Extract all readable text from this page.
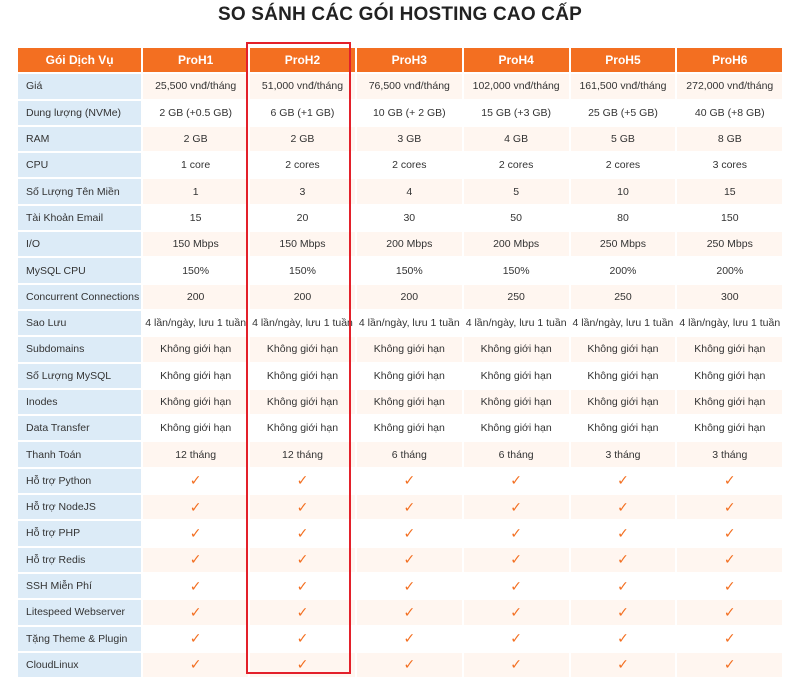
SO SÁNH CÁC GÓI HOSTING CAO CẤP
Gói Dịch Vụ	ProH1	ProH2	ProH3	ProH4	ProH5	ProH6
Giá	25,500 vnđ/tháng	51,000 vnđ/tháng	76,500 vnđ/tháng	102,000 vnđ/tháng	161,500 vnđ/tháng	272,000 vnđ/tháng
Dung lượng (NVMe)	2 GB (+0.5 GB)	6 GB (+1 GB)	10 GB (+ 2 GB)	15 GB (+3 GB)	25 GB (+5 GB)	40 GB (+8 GB)
RAM	2 GB	2 GB	3 GB	4 GB	5 GB	8 GB
CPU	1 core	2 cores	2 cores	2 cores	2 cores	3 cores
Số Lượng Tên Miền	1	3	4	5	10	15
Tài Khoản Email	15	20	30	50	80	150
I/O	150 Mbps	150 Mbps	200 Mbps	200 Mbps	250 Mbps	250 Mbps
MySQL CPU	150%	150%	150%	150%	200%	200%
Concurrent Connections	200	200	200	250	250	300
Sao Lưu	4 lần/ngày, lưu 1 tuần	4 lần/ngày, lưu 1 tuần	4 lần/ngày, lưu 1 tuần	4 lần/ngày, lưu 1 tuần	4 lần/ngày, lưu 1 tuần	4 lần/ngày, lưu 1 tuần
Subdomains	Không giới hạn	Không giới hạn	Không giới hạn	Không giới hạn	Không giới hạn	Không giới hạn
Số Lượng MySQL	Không giới hạn	Không giới hạn	Không giới hạn	Không giới hạn	Không giới hạn	Không giới hạn
Inodes	Không giới hạn	Không giới hạn	Không giới hạn	Không giới hạn	Không giới hạn	Không giới hạn
Data Transfer	Không giới hạn	Không giới hạn	Không giới hạn	Không giới hạn	Không giới hạn	Không giới hạn
Thanh Toán	12 tháng	12 tháng	6 tháng	6 tháng	3 tháng	3 tháng
Hỗ trợ Python	✓	✓	✓	✓	✓	✓
Hỗ trợ NodeJS	✓	✓	✓	✓	✓	✓
Hỗ trợ PHP	✓	✓	✓	✓	✓	✓
Hỗ trợ Redis	✓	✓	✓	✓	✓	✓
SSH Miễn Phí	✓	✓	✓	✓	✓	✓
Litespeed Webserver	✓	✓	✓	✓	✓	✓
Tặng Theme & Plugin	✓	✓	✓	✓	✓	✓
CloudLinux	✓	✓	✓	✓	✓	✓
